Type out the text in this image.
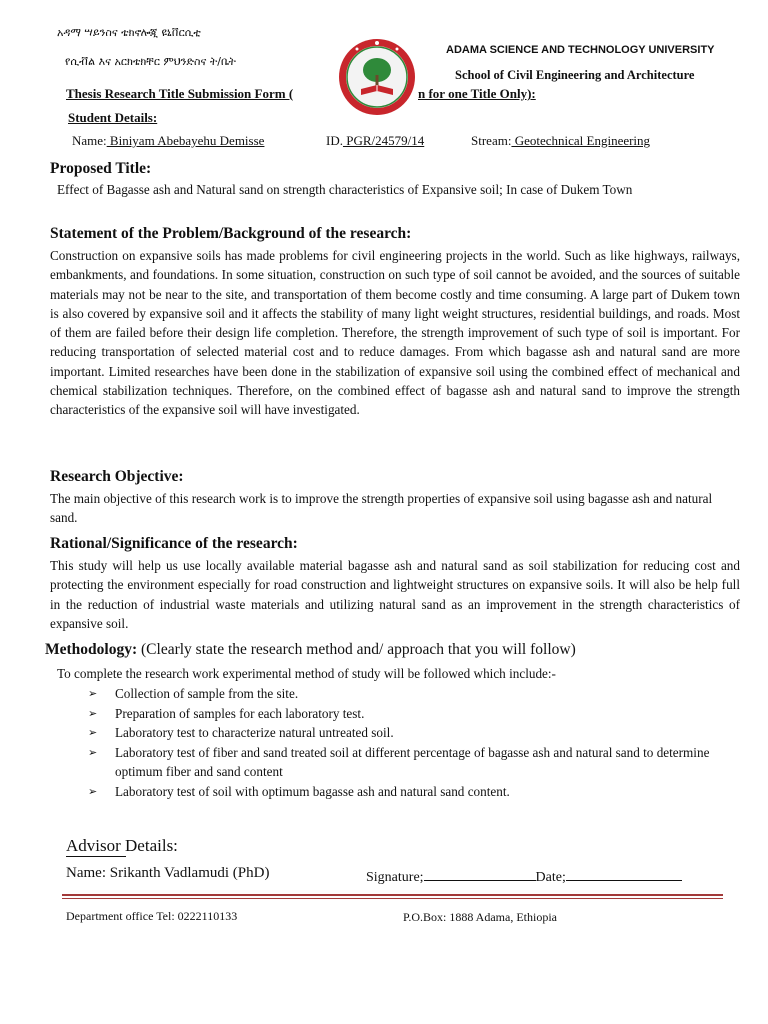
አዳማ ሣይንስና ቴክኖሎጂ ዩኒቨርሲቲ
የሲቭል እና አርክቴክቸር ምህንድስና ት/ቤት
ADAMA SCIENCE AND TECHNOLOGY UNIVERSITY
School of Civil Engineering and Architecture
Thesis Research Title Submission Form (	n for one Title Only):
Student Details:
Name: Biniyam Abebayehu Demisse	ID. PGR/24579/14	Stream: Geotechnical Engineering
Proposed Title:
Effect of Bagasse ash and Natural sand on strength characteristics of Expansive soil; In case of Dukem Town
Statement of the Problem/Background of the research:
Construction on expansive soils has made problems for civil engineering projects in the world. Such as like highways, railways, embankments, and foundations. In some situation, construction on such type of soil cannot be avoided, and the sources of suitable materials may not be near to the site, and transportation of them become costly and time consuming. A large part of Dukem town is also covered by expansive soil and it affects the stability of many light weight structures, residential buildings, and roads. Most of them are failed before their design life completion. Therefore, the strength improvement of such type of soil is important. For reducing transportation of selected material cost and to reduce damages. From which bagasse ash and natural sand are more important. Limited researches have been done in the stabilization of expansive soil using the combined effect of mechanical and chemical stabilization techniques. Therefore, on the combined effect of bagasse ash and natural sand to improve the strength characteristics of the expansive soil will have investigated.
Research Objective:
The main objective of this research work is to improve the strength properties of expansive soil using bagasse ash and natural sand.
Rational/Significance of the research:
This study will help us use locally available material bagasse ash and natural sand as soil stabilization for reducing cost and protecting the environment especially for road construction and lightweight structures on expansive soils. It will also be help full in the reduction of industrial waste materials and utilizing natural sand as an improvement in the strength characteristics of expansive soil.
Methodology: (Clearly state the research method and/ approach that you will follow)
To complete the research work experimental method of study will be followed which include:-
➢ Collection of sample from the site.
➢ Preparation of samples for each laboratory test.
➢ Laboratory test to characterize natural untreated soil.
➢ Laboratory test of fiber and sand treated soil at different percentage of bagasse ash and natural sand to determine optimum fiber and sand content
➢ Laboratory test of soil with optimum bagasse ash and natural sand content.
Advisor Details:
Name: Srikanth Vadlamudi (PhD)	Signature;	Date;
Department office Tel: 0222110133	P.O.Box: 1888 Adama, Ethiopia
